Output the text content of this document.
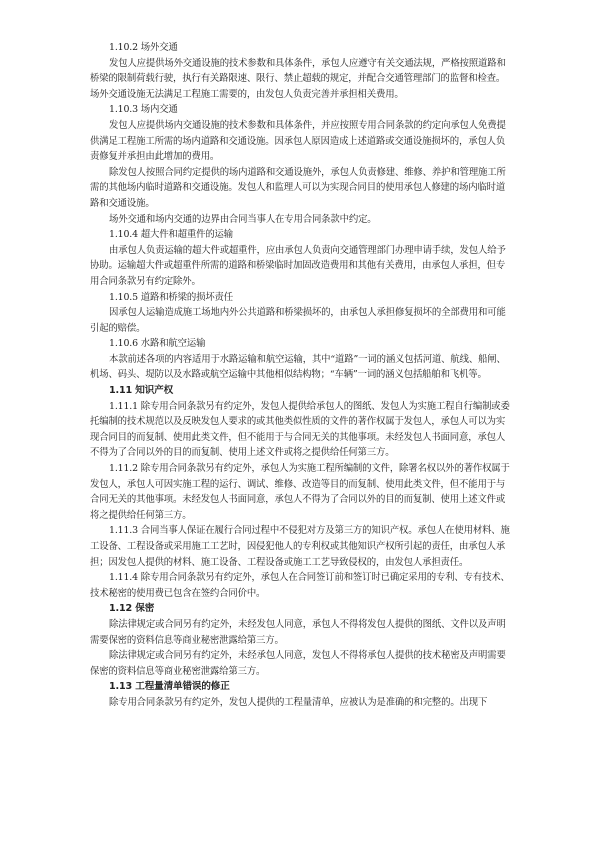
1.10.2 场外交通

发包人应提供场外交通设施的技术参数和具体条件，承包人应遵守有关交通法规，严格按照道路和桥梁的限制荷载行驶，执行有关路限速、限行、禁止超载的规定，并配合交通管理部门的监督和检查。场外交通设施无法满足工程施工需要的，由发包人负责完善并承担相关费用。

1.10.3 场内交通

发包人应提供场内交通设施的技术参数和具体条件，并应按照专用合同条款的约定向承包人免费提供满足工程施工所需的场内道路和交通设施。因承包人原因造成上述道路或交通设施损坏的，承包人负责修复并承担由此增加的费用。

除发包人按照合同约定提供的场内道路和交通设施外，承包人负责修建、维修、养护和管理施工所需的其他场内临时道路和交通设施。发包人和监理人可以为实现合同目的使用承包人修建的场内临时道路和交通设施。

场外交通和场内交通的边界由合同当事人在专用合同条款中约定。

1.10.4 超大件和超重件的运输

由承包人负责运输的超大件或超重件，应由承包人负责向交通管理部门办理申请手续，发包人给予协助。运输超大件或超重件所需的道路和桥梁临时加固改造费用和其他有关费用，由承包人承担，但专用合同条款另有约定除外。

1.10.5 道路和桥梁的损坏责任

因承包人运输造成施工场地内外公共道路和桥梁损坏的，由承包人承担修复损坏的全部费用和可能引起的赔偿。

1.10.6 水路和航空运输

本款前述各项的内容适用于水路运输和航空运输，其中“道路”一词的涵义包括河道、航线、船闸、机场、码头、堤防以及水路或航空运输中其他相似结构物；“车辆”一词的涵义包括船舶和飞机等。

1.11 知识产权

1.11.1 除专用合同条款另有约定外，发包人提供给承包人的图纸、发包人为实施工程自行编制或委托编制的技术规范以及反映发包人要求的或其他类似性质的文件的著作权属于发包人，承包人可以为实现合同目的而复制、使用此类文件，但不能用于与合同无关的其他事项。未经发包人书面同意，承包人不得为了合同以外的目的而复制、使用上述文件或将之提供给任何第三方。

1.11.2 除专用合同条款另有约定外，承包人为实施工程所编制的文件，除署名权以外的著作权属于发包人，承包人可因实施工程的运行、调试、维修、改造等目的而复制、使用此类文件，但不能用于与合同无关的其他事项。未经发包人书面同意，承包人不得为了合同以外的目的而复制、使用上述文件或将之提供给任何第三方。

1.11.3 合同当事人保证在履行合同过程中不侵犯对方及第三方的知识产权。承包人在使用材料、施工设备、工程设备或采用施工工艺时，因侵犯他人的专利权或其他知识产权所引起的责任，由承包人承担；因发包人提供的材料、施工设备、工程设备或施工工艺导致侵权的，由发包人承担责任。

1.11.4 除专用合同条款另有约定外，承包人在合同签订前和签订时已确定采用的专利、专有技术、技术秘密的使用费已包含在签约合同价中。

1.12 保密

除法律规定或合同另有约定外，未经发包人同意，承包人不得将发包人提供的图纸、文件以及声明需要保密的资料信息等商业秘密泄露给第三方。

除法律规定或合同另有约定外，未经承包人同意，发包人不得将承包人提供的技术秘密及声明需要保密的资料信息等商业秘密泄露给第三方。

1.13 工程量清单错误的修正

除专用合同条款另有约定外，发包人提供的工程量清单，应被认为是准确的和完整的。出现下
